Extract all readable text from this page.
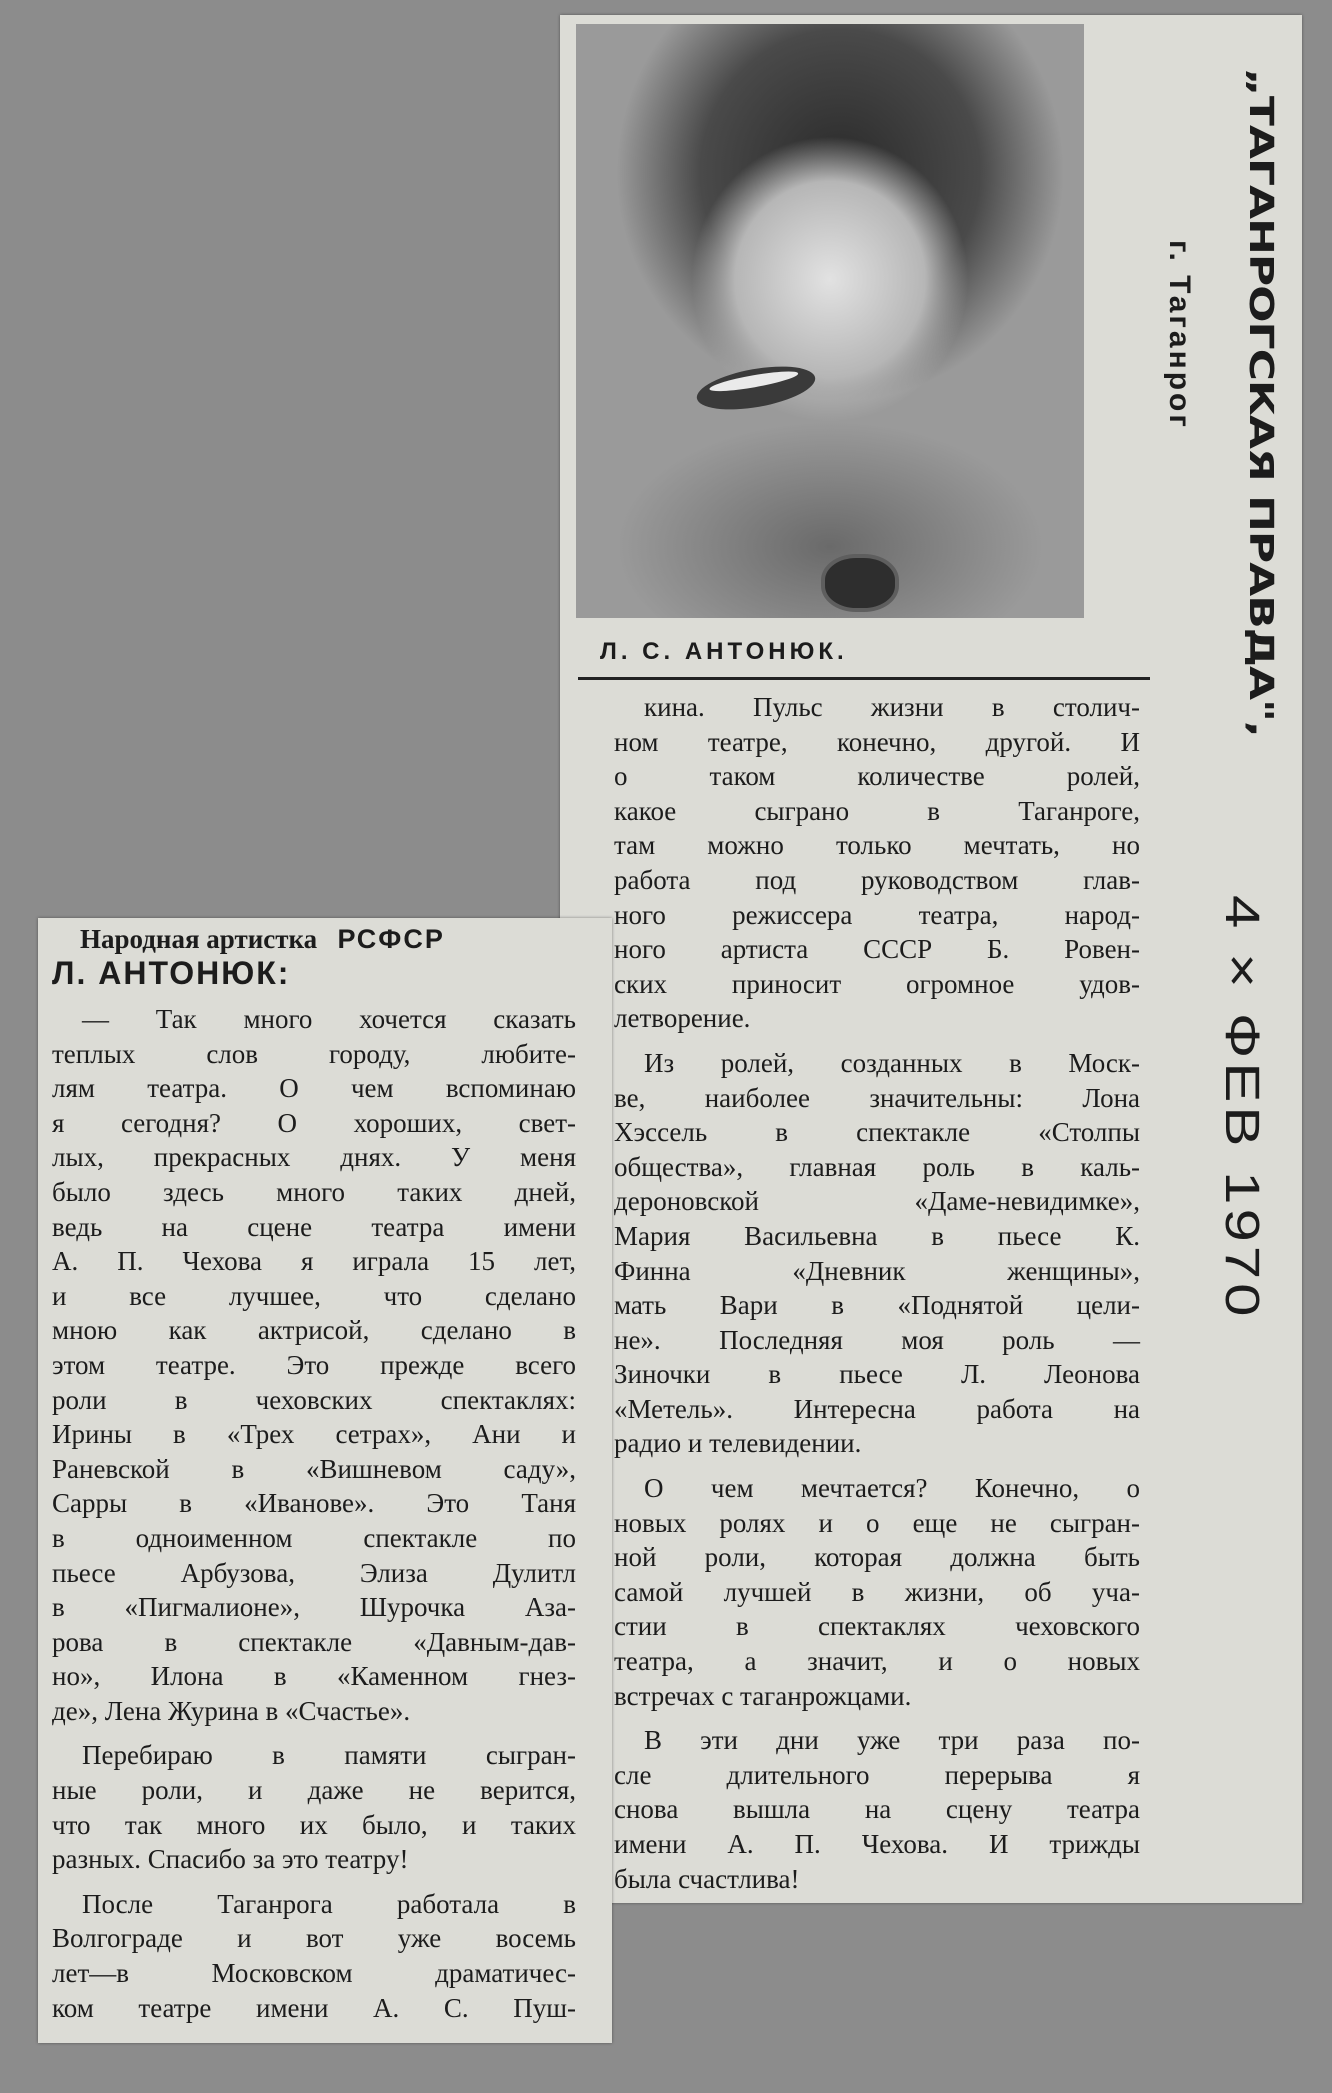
Л. С. АНТОНЮК.	„ТАГАНРОГСКАЯ ПРАВДА",
г. Таганрог
4 × ФЕВ 1970
Народная артистка РСФСР
Л. АНТОНЮК:

— Так много хочется сказать
теплых слов городу, любите-
лям театра. О чем вспоминаю
я сегодня? О хороших, свет-
лых, прекрасных днях. У меня
было здесь много таких дней,
ведь на сцене театра имени
А. П. Чехова я играла 15 лет,
и все лучшее, что сделано
мною как актрисой, сделано в
этом театре. Это прежде всего
роли в чеховских спектаклях:
Ирины в «Трех сетрах», Ани и
Раневской в «Вишневом саду»,
Сарры в «Иванове». Это Таня
в одноименном спектакле по
пьесе Арбузова, Элиза Дулитл
в «Пигмалионе», Шурочка Аза-
рова в спектакле «Давным-дав-
но», Илона в «Каменном гнез-
де», Лена Журина в «Счастье».

Перебираю в памяти сыгран-
ные роли, и даже не верится,
что так много их было, и таких
разных. Спасибо за это театру!

После Таганрога работала в
Волгограде и вот уже восемь
лет—в Московском драматичес-
ком театре имени А. С. Пуш-

кина. Пульс жизни в столич-
ном театре, конечно, другой. И
о таком количестве ролей,
какое сыграно в Таганроге,
там можно только мечтать, но
работа под руководством глав-
ного режиссера театра, народ-
ного артиста СССР Б. Ровен-
ских приносит огромное удов-
летворение.

Из ролей, созданных в Моск-
ве, наиболее значительны: Лона
Хэссель в спектакле «Столпы
общества», главная роль в каль-
дероновской «Даме-невидимке»,
Мария Васильевна в пьесе К.
Финна «Дневник женщины»,
мать Вари в «Поднятой цели-
не». Последняя моя роль —
Зиночки в пьесе Л. Леонова
«Метель». Интересна работа на
радио и телевидении.

О чем мечтается? Конечно, о
новых ролях и о еще не сыгран-
ной роли, которая должна быть
самой лучшей в жизни, об уча-
стии в спектаклях чеховского
театра, а значит, и о новых
встречах с таганрожцами.

В эти дни уже три раза по-
сле длительного перерыва я
снова вышла на сцену театра
имени А. П. Чехова. И трижды
была счастлива!
